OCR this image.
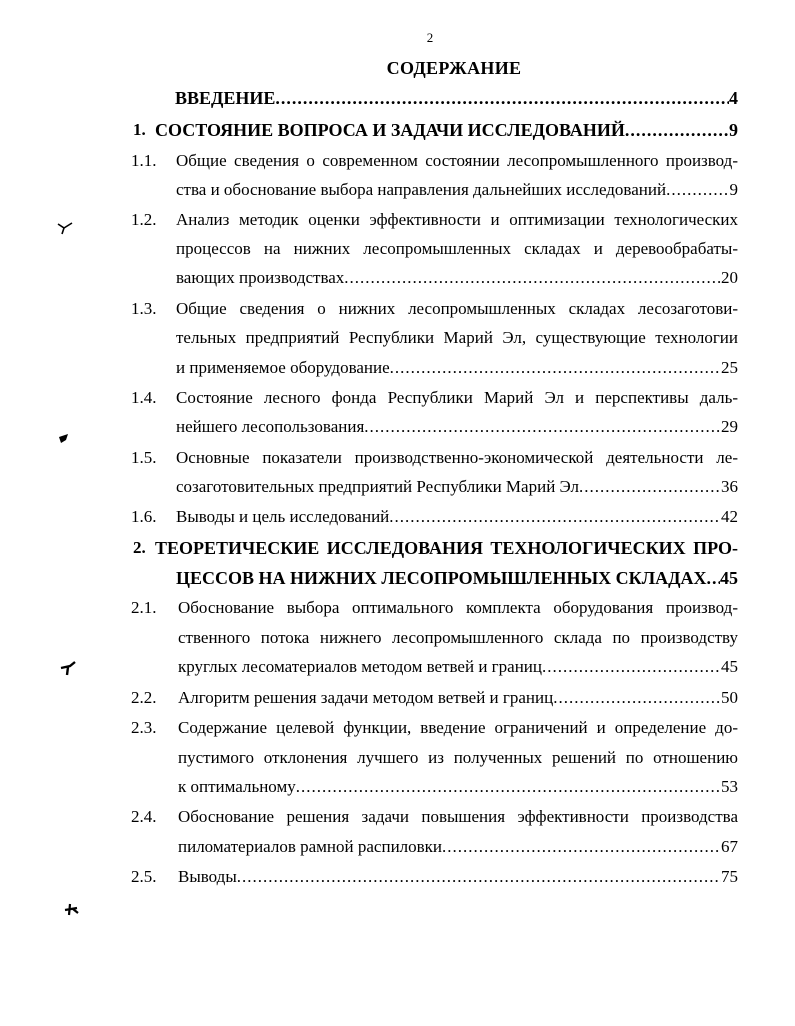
2
СОДЕРЖАНИЕ
ВВЕДЕНИЕ .....	4
1. СОСТОЯНИЕ ВОПРОСА И ЗАДАЧИ ИССЛЕДОВАНИЙ .....	9
1.1. Общие сведения о современном состоянии лесопромышленного производ-
ства и обоснование выбора направления дальнейших исследований .....	9
1.2. Анализ методик оценки эффективности и оптимизации технологических
процессов на нижних лесопромышленных складах и деревообрабаты-
вающих производствах .....	20
1.3. Общие сведения о нижних лесопромышленных складах лесозаготови-
тельных предприятий Республики Марий Эл, существующие технологии
и применяемое оборудование .....	25
1.4. Состояние лесного фонда Республики Марий Эл и перспективы даль-
нейшего лесопользования .....	29
1.5. Основные показатели производственно-экономической деятельности ле-
созаготовительных предприятий Республики Марий Эл .....	36
1.6. Выводы и цель исследований .....	42
2. ТЕОРЕТИЧЕСКИЕ ИССЛЕДОВАНИЯ ТЕХНОЛОГИЧЕСКИХ ПРО-
ЦЕССОВ НА НИЖНИХ ЛЕСОПРОМЫШЛЕННЫХ СКЛАДАХ ..... 45
2.1. Обоснование выбора оптимального комплекта оборудования производ-
ственного потока нижнего лесопромышленного склада по производству
круглых лесоматериалов методом ветвей и границ .....	45
2.2. Алгоритм решения задачи методом ветвей и границ .....	50
2.3. Содержание целевой функции, введение ограничений и определение до-
пустимого отклонения лучшего из полученных решений по отношению
к оптимальному .....	53
2.4. Обоснование решения задачи повышения эффективности производства
пиломатериалов рамной распиловки .....	67
2.5. Выводы .....	75
